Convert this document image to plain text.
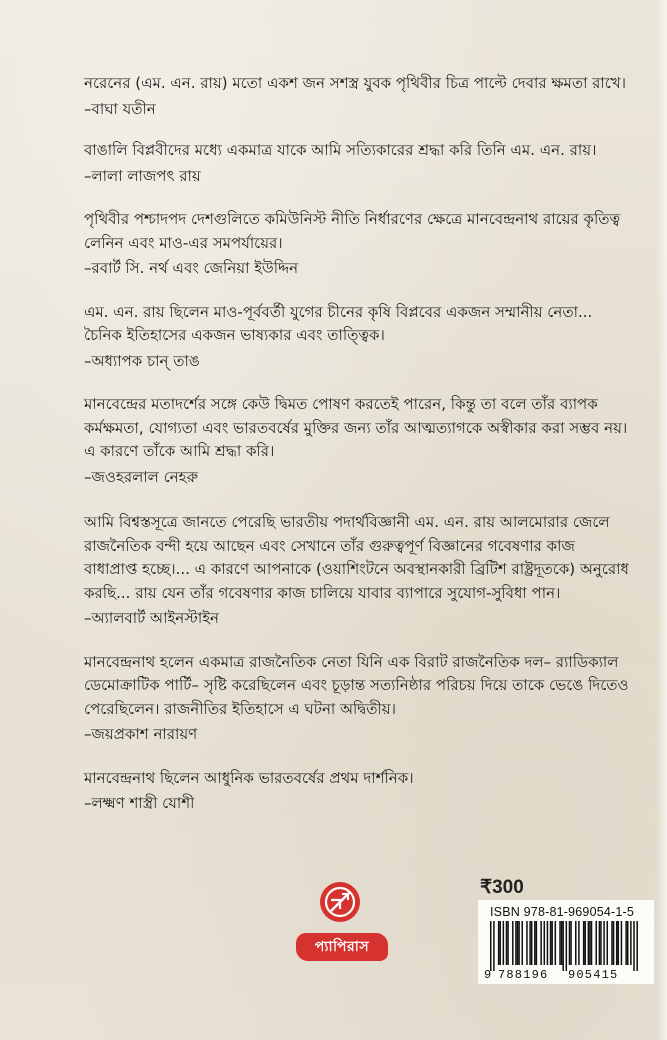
নরেনের (এম. এন. রায়) মতো একশ জন সশস্ত্র যুবক পৃথিবীর চিত্র পাল্টে দেবার ক্ষমতা রাখে।

–বাঘা যতীন

বাঙালি বিপ্লবীদের মধ্যে একমাত্র যাকে আমি সত্যিকারের শ্রদ্ধা করি তিনি এম. এন. রায়।

–লালা লাজপৎ রায়

পৃথিবীর পশ্চাদপদ দেশগুলিতে কমিউনিস্ট নীতি নির্ধারণের ক্ষেত্রে মানবেন্দ্রনাথ রায়ের কৃতিত্ব লেনিন এবং মাও-এর সমপর্যায়ের।

–রবার্ট সি. নর্থ এবং জেনিয়া ইউদ্দিন

এম. এন. রায় ছিলেন মাও-পূর্ববর্তী যুগের চীনের কৃষি বিপ্লবের একজন সম্মানীয় নেতা... চৈনিক ইতিহাসের একজন ভাষ্যকার এবং তাত্ত্বিক।

–অধ্যাপক চান্ তাঙ

মানবেন্দ্রের মতাদর্শের সঙ্গে কেউ দ্বিমত পোষণ করতেই পারেন, কিন্তু তা বলে তাঁর ব্যাপক কর্মক্ষমতা, যোগ্যতা এবং ভারতবর্ষের মুক্তির জন্য তাঁর আত্মত্যাগকে অস্বীকার করা সম্ভব নয়। এ কারণে তাঁকে আমি শ্রদ্ধা করি।

–জওহরলাল নেহরু

আমি বিশ্বস্তসূত্রে জানতে পেরেছি ভারতীয় পদার্থবিজ্ঞানী এম. এন. রায় আলমোরার জেলে রাজনৈতিক বন্দী হয়ে আছেন এবং সেখানে তাঁর গুরুত্বপূর্ণ বিজ্ঞানের গবেষণার কাজ বাধাপ্রাপ্ত হচ্ছে।... এ কারণে আপনাকে (ওয়াশিংটনে অবস্থানকারী ব্রিটিশ রাষ্ট্রদূতকে) অনুরোধ করছি... রায় যেন তাঁর গবেষণার কাজ চালিয়ে যাবার ব্যাপারে সুযোগ-সুবিধা পান।

–অ্যালবার্ট আইনস্টাইন

মানবেন্দ্রনাথ হলেন একমাত্র রাজনৈতিক নেতা যিনি এক বিরাট রাজনৈতিক দল– র‍্যাডিক্যাল ডেমোক্রাটিক পার্টি– সৃষ্টি করেছিলেন এবং চূড়ান্ত সত্যনিষ্ঠার পরিচয় দিয়ে তাকে ভেঙে দিতেও পেরেছিলেন। রাজনীতির ইতিহাসে এ ঘটনা অদ্বিতীয়।

–জয়প্রকাশ নারায়ণ

মানবেন্দ্রনাথ ছিলেন আধুনিক ভারতবর্ষের প্রথম দার্শনিক।

–লক্ষ্মণ শাস্ত্রী যোশী

প্যাপিরাস
₹300
ISBN 978-81-969054-1-5
9 788196 905415
